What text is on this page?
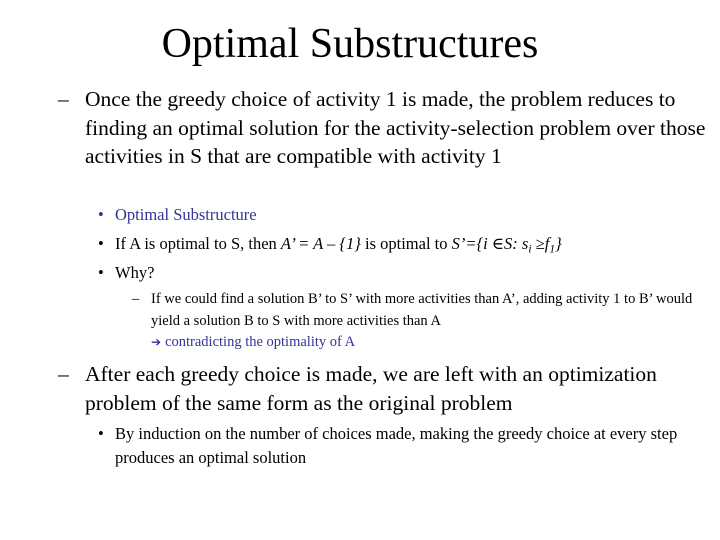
Optimal Substructures
– Once the greedy choice of activity 1 is made, the problem reduces to finding an optimal solution for the activity-selection problem over those activities in S that are compatible with activity 1
• Optimal Substructure
• If A is optimal to S, then A’ = A – {1} is optimal to S’={i ∈S: $s_i \ge f_1$}
• Why?
– If we could find a solution B’ to S’ with more activities than A’, adding activity 1 to B’ would yield a solution B to S with more activities than A
➔ contradicting the optimality of A
– After each greedy choice is made, we are left with an optimization problem of the same form as the original problem
• By induction on the number of choices made, making the greedy choice at every step produces an optimal solution
